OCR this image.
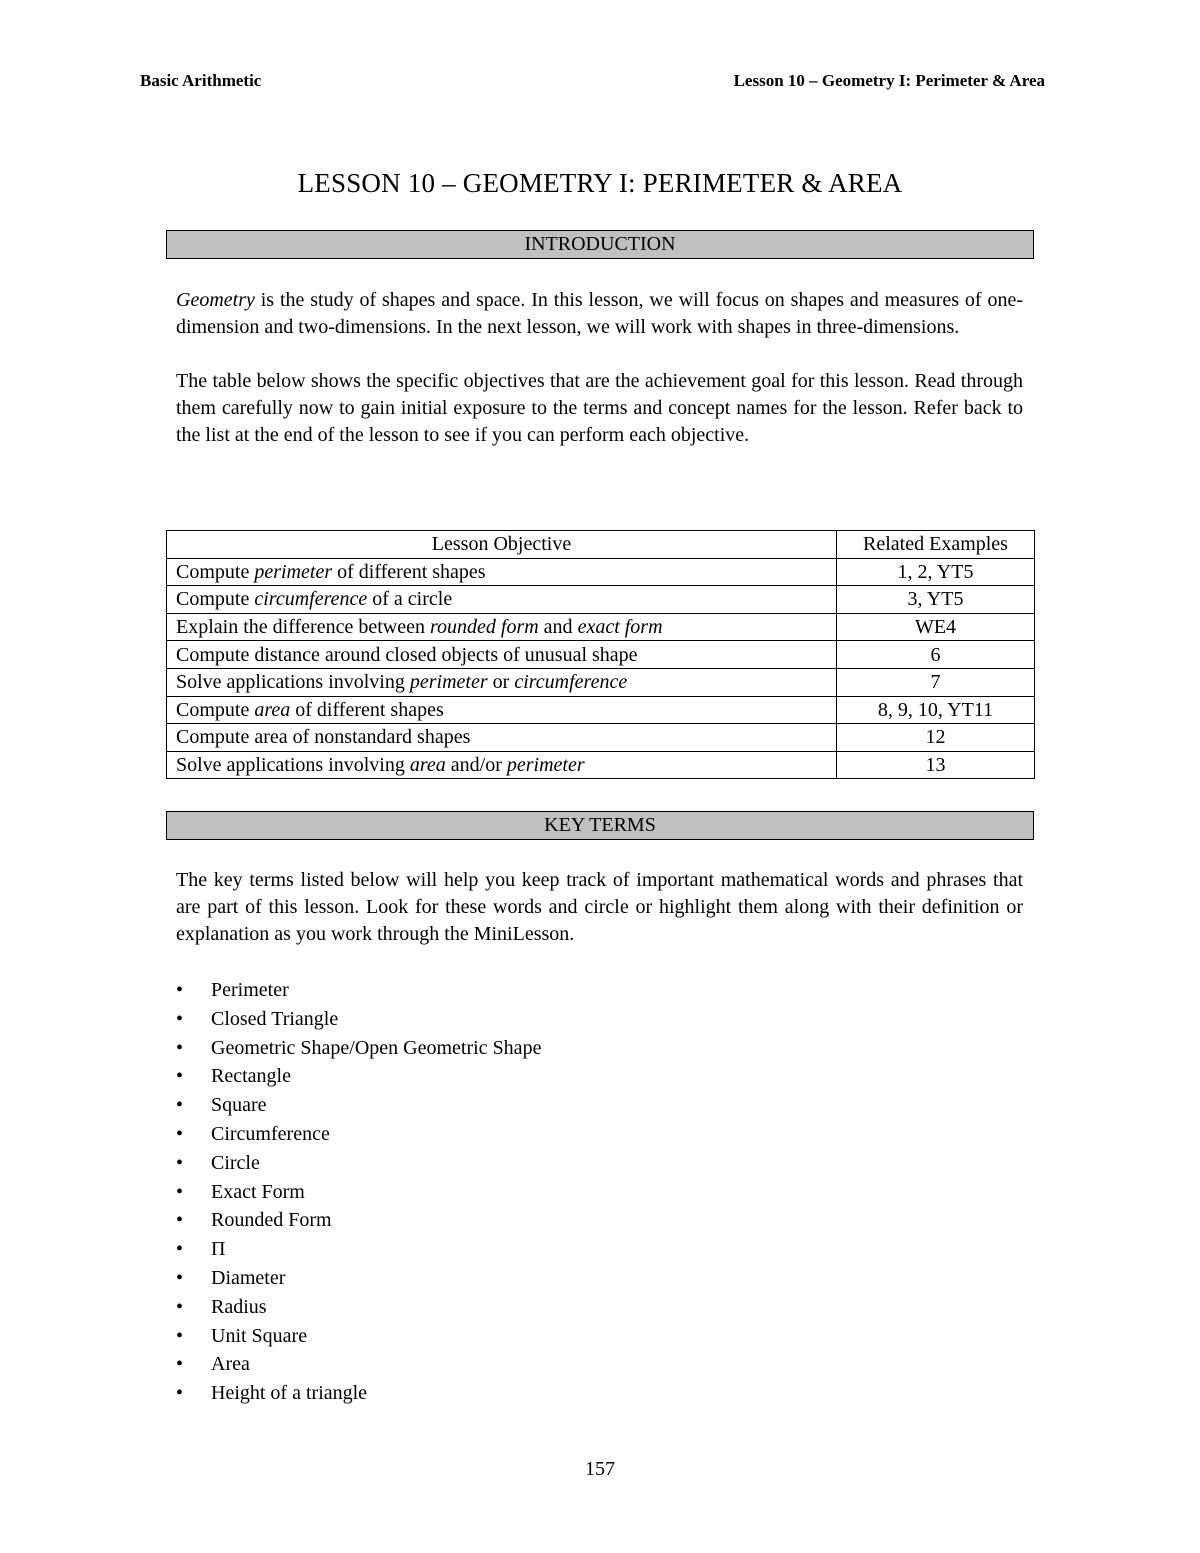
Basic Arithmetic	Lesson 10 – Geometry I: Perimeter & Area
LESSON 10 – GEOMETRY I: PERIMETER & AREA
INTRODUCTION

Geometry is the study of shapes and space. In this lesson, we will focus on shapes and measures of one-dimension and two-dimensions. In the next lesson, we will work with shapes in three-dimensions.

The table below shows the specific objectives that are the achievement goal for this lesson. Read through them carefully now to gain initial exposure to the terms and concept names for the lesson. Refer back to the list at the end of the lesson to see if you can perform each objective.

Lesson Objective	Related Examples
Compute perimeter of different shapes	1, 2, YT5
Compute circumference of a circle	3, YT5
Explain the difference between rounded form and exact form	WE4
Compute distance around closed objects of unusual shape	6
Solve applications involving perimeter or circumference	7
Compute area of different shapes	8, 9, 10, YT11
Compute area of nonstandard shapes	12
Solve applications involving area and/or perimeter	13
KEY TERMS
The key terms listed below will help you keep track of important mathematical words and phrases that are part of this lesson. Look for these words and circle or highlight them along with their definition or explanation as you work through the MiniLesson.
• Perimeter
• Closed Triangle
• Geometric Shape/Open Geometric Shape
• Rectangle
• Square
• Circumference
• Circle
• Exact Form
• Rounded Form
• Π
• Diameter
• Radius
• Unit Square
• Area
• Height of a triangle
157
